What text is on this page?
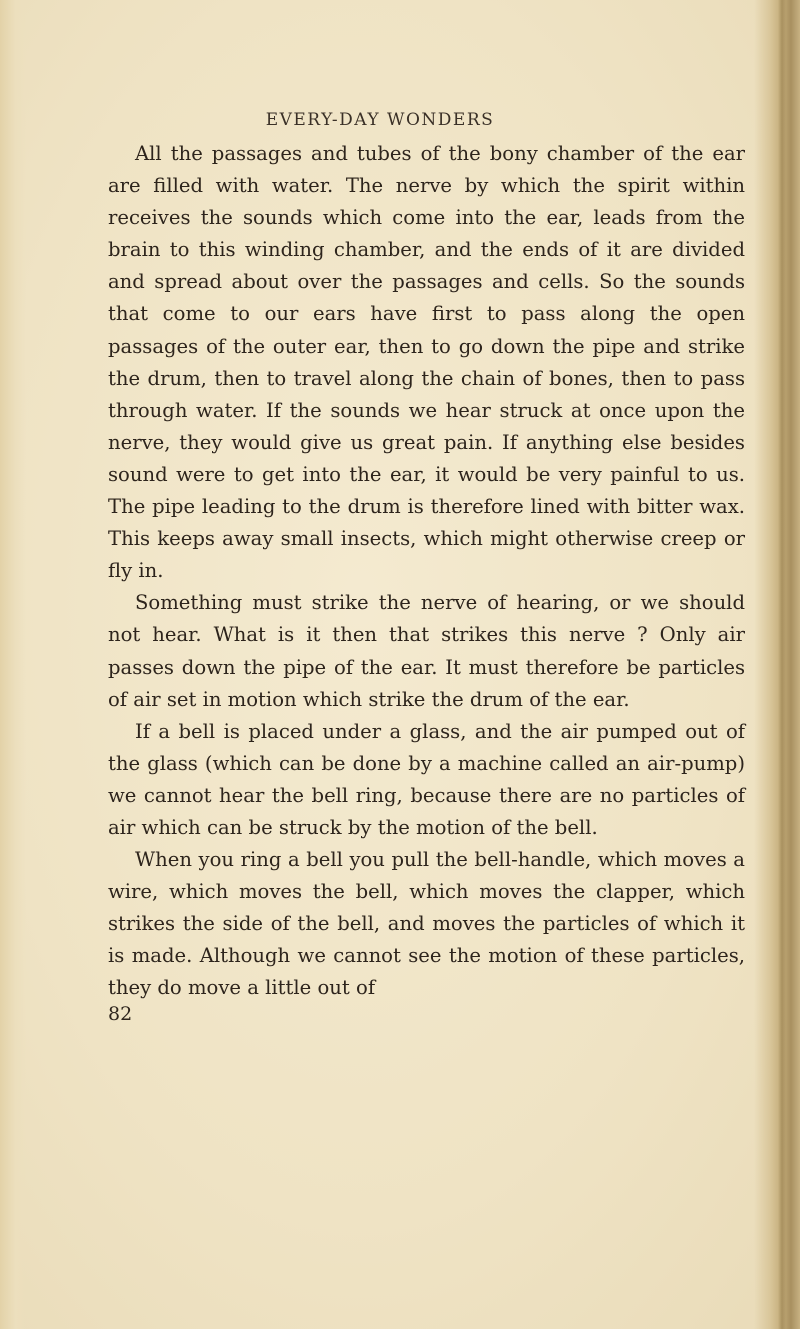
EVERY-DAY WONDERS

All the passages and tubes of the bony chamber of the ear are filled with water. The nerve by which the spirit within receives the sounds which come into the ear, leads from the brain to this winding chamber, and the ends of it are divided and spread about over the passages and cells. So the sounds that come to our ears have first to pass along the open passages of the outer ear, then to go down the pipe and strike the drum, then to travel along the chain of bones, then to pass through water. If the sounds we hear struck at once upon the nerve, they would give us great pain. If anything else besides sound were to get into the ear, it would be very painful to us. The pipe leading to the drum is therefore lined with bitter wax. This keeps away small insects, which might otherwise creep or fly in.

Something must strike the nerve of hearing, or we should not hear. What is it then that strikes this nerve ? Only air passes down the pipe of the ear. It must therefore be particles of air set in motion which strike the drum of the ear.

If a bell is placed under a glass, and the air pumped out of the glass (which can be done by a machine called an air-pump) we cannot hear the bell ring, because there are no particles of air which can be struck by the motion of the bell.

When you ring a bell you pull the bell-handle, which moves a wire, which moves the bell, which moves the clapper, which strikes the side of the bell, and moves the particles of which it is made. Although we cannot see the motion of these particles, they do move a little out of

82
